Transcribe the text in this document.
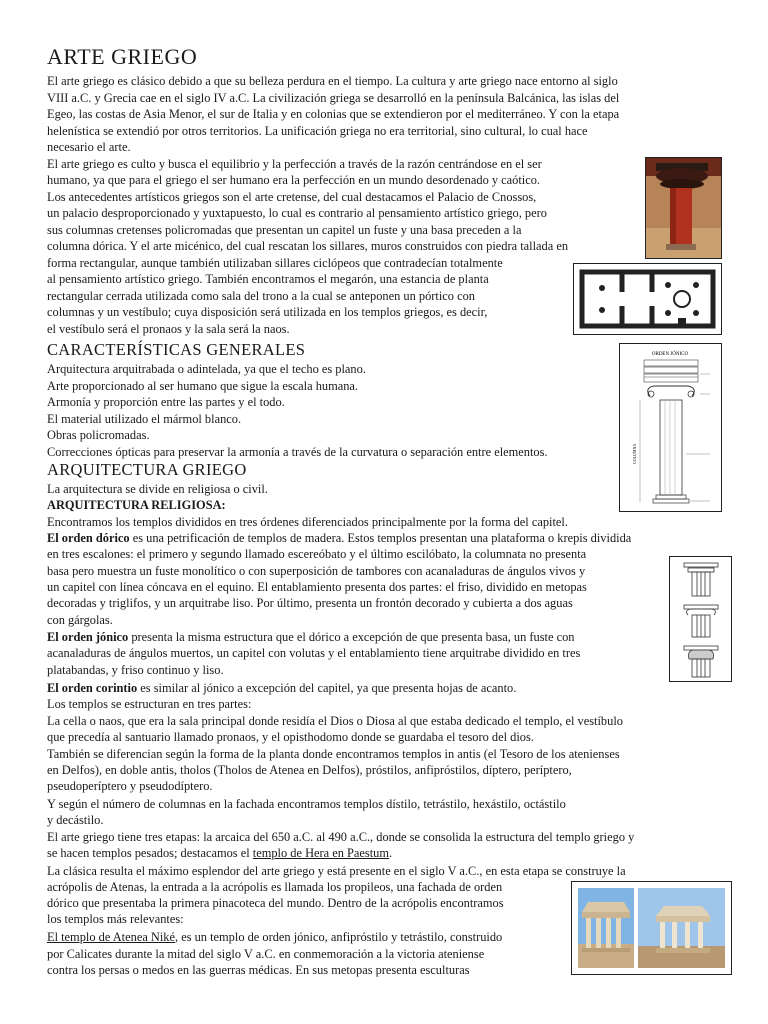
ARTE GRIEGO
El arte griego es clásico debido a que su belleza perdura en el tiempo. La cultura y arte griego nace entorno al siglo
VIII a.C. y Grecia cae en el siglo IV a.C. La civilización griega se desarrolló en la península Balcánica, las islas del
Egeo, las costas de Asia Menor, el sur de Italia y en colonias que se extendieron por el mediterráneo. Y con la etapa
helenística se extendió por otros territorios. La unificación griega no era territorial, sino cultural, lo cual hace
necesario el arte.
El arte griego es culto y busca el equilibrio y la perfección a través de la razón centrándose en el ser
humano, ya que para el griego el ser humano era la perfección en un mundo desordenado y caótico.
Los antecedentes artísticos griegos son el arte cretense, del cual destacamos el Palacio de Cnossos,
un palacio desproporcionado y yuxtapuesto, lo cual es contrario al pensamiento artístico griego, pero
sus columnas cretenses policromadas que presentan un capitel un fuste y una basa preceden a la
columna dórica. Y el arte micénico, del cual rescatan los sillares, muros construidos con piedra tallada en
forma rectangular, aunque también utilizaban sillares ciclópeos que contradecían totalmente
al pensamiento artístico griego. También encontramos el megarón, una estancia de planta
rectangular cerrada utilizada como sala del trono a la cual se anteponen un pórtico con
columnas y un vestíbulo; cuya disposición será utilizada en los templos griegos, es decir,
el vestíbulo será el pronaos y la sala será la naos.
CARACTERÍSTICAS GENERALES
Arquitectura arquitrabada o adintelada, ya que el techo es plano.
Arte proporcionado al ser humano que sigue la escala humana.
Armonía y proporción entre las partes y el todo.
El material utilizado el mármol blanco.
Obras policromadas.
Correcciones ópticas para preservar la armonía a través de la curvatura o separación entre elementos.
ARQUITECTURA GRIEGO
La arquitectura se divide en religiosa o civil.
ARQUITECTURA RELIGIOSA:
Encontramos los templos divididos en tres órdenes diferenciados principalmente por la forma del capitel.
El orden dórico es una petrificación de templos de madera. Estos templos presentan una plataforma o krepis dividida
en tres escalones: el primero y segundo llamado escereóbato y el último escilóbato, la columnata no presenta
basa pero muestra un fuste monolítico o con superposición de tambores con acanaladuras de ángulos vivos y
un capitel con línea cóncava en el equino. El entablamiento presenta dos partes: el friso, dividido en metopas
decoradas y triglifos, y un arquitrabe liso. Por último, presenta un frontón decorado y cubierta a dos aguas
con gárgolas.
El orden jónico presenta la misma estructura que el dórico a excepción de que presenta basa, un fuste con
acanaladuras de ángulos muertos, un capitel con volutas y el entablamiento tiene arquitrabe dividido en tres
platabandas, y friso continuo y liso.
El orden corintio es similar al jónico a excepción del capitel, ya que presenta hojas de acanto.
Los templos se estructuran en tres partes:
La cella o naos, que era la sala principal donde residía el Dios o Diosa al que estaba dedicado el templo, el vestíbulo
que precedía al santuario llamado pronaos, y el opisthodomo donde se guardaba el tesoro del dios.
También se diferencian según la forma de la planta donde encontramos templos in antis (el Tesoro de los atenienses
en Delfos), en doble antis, tholos (Tholos de Atenea en Delfos), próstilos, anfipróstilos, díptero, períptero,
pseudoperíptero y pseudodíptero.
Y según el número de columnas en la fachada encontramos templos dístilo, tetrástilo, hexástilo, octástilo
y decástilo.
El arte griego tiene tres etapas: la arcaica del 650 a.C. al 490 a.C., donde se consolida la estructura del templo griego y
se hacen templos pesados; destacamos el templo de Hera en Paestum.
La clásica resulta el máximo esplendor del arte griego y está presente en el siglo V a.C., en esta etapa se construye la
acrópolis de Atenas, la entrada a la acrópolis es llamada los propileos, una fachada de orden
dórico que presentaba la primera pinacoteca del mundo. Dentro de la acrópolis encontramos
los templos más relevantes:
El templo de Atenea Niké, es un templo de orden jónico, anfipróstilo y tetrástilo, construido
por Calicates durante la mitad del siglo V a.C. en conmemoración a la victoria ateniense
contra los persas o medos en las guerras médicas. En sus metopas presenta esculturas
ORDEN JÓNICO
COLUMNA
